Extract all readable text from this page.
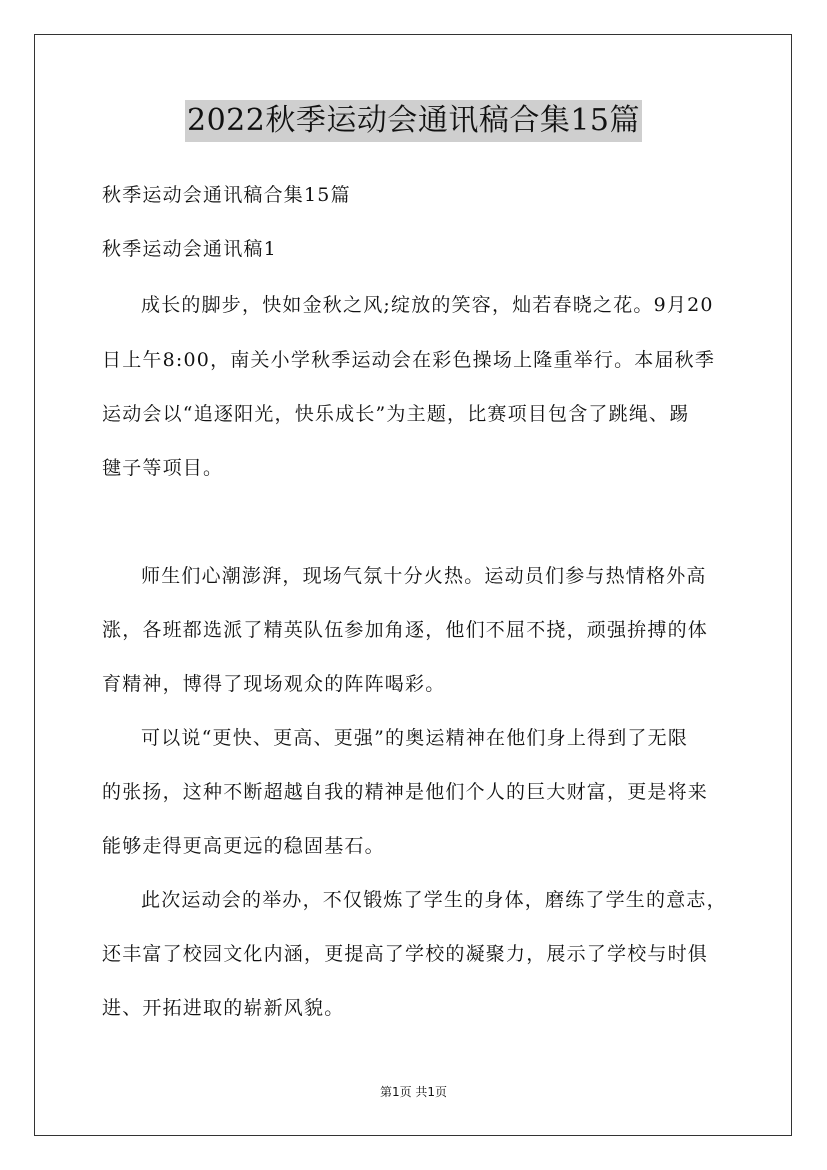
2022秋季运动会通讯稿合集15篇
秋季运动会通讯稿合集15篇
秋季运动会通讯稿1
成长的脚步，快如金秋之风;绽放的笑容，灿若春晓之花。9月20
日上午8:00，南关小学秋季运动会在彩色操场上隆重举行。本届秋季
运动会以“追逐阳光，快乐成长”为主题，比赛项目包含了跳绳、踢
毽子等项目。
师生们心潮澎湃，现场气氛十分火热。运动员们参与热情格外高
涨，各班都选派了精英队伍参加角逐，他们不屈不挠，顽强拚搏的体
育精神，博得了现场观众的阵阵喝彩。
可以说“更快、更高、更强”的奥运精神在他们身上得到了无限
的张扬，这种不断超越自我的精神是他们个人的巨大财富，更是将来
能够走得更高更远的稳固基石。
此次运动会的举办，不仅锻炼了学生的身体，磨练了学生的意志，
还丰富了校园文化内涵，更提高了学校的凝聚力，展示了学校与时俱
进、开拓进取的崭新风貌。
第1页 共1页
